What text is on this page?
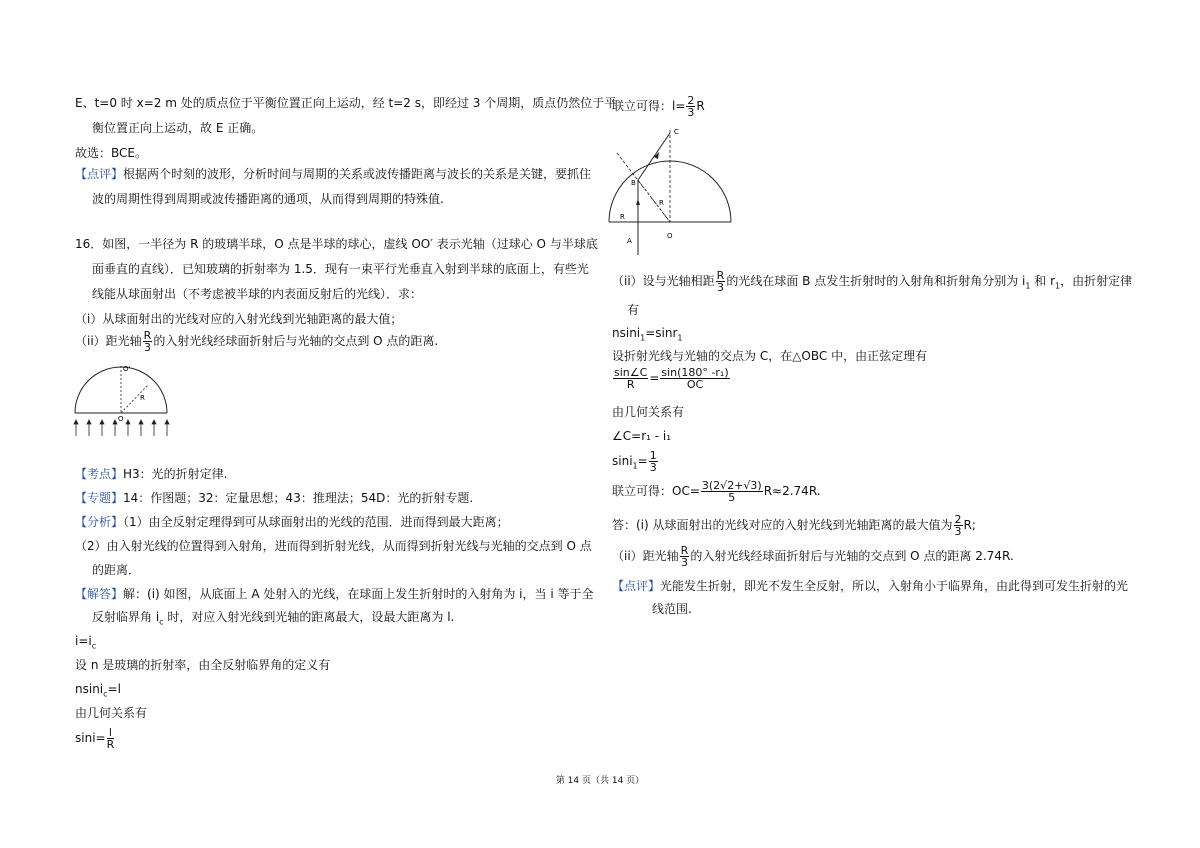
E、t=0 时 x=2 m 处的质点位于平衡位置正向上运动，经 t=2 s，即经过 3 个周期，质点仍然位于平
衡位置正向上运动，故 E 正确。
故选：BCE。
【点评】根据两个时刻的波形，分析时间与周期的关系或波传播距离与波长的关系是关键，要抓住
波的周期性得到周期或波传播距离的通项，从而得到周期的特殊值.
16．如图，一半径为 R 的玻璃半球，O 点是半球的球心，虚线 OO′ 表示光轴（过球心 O 与半球底
面垂直的直线）．已知玻璃的折射率为 1.5．现有一束平行光垂直入射到半球的底面上，有些光
线能从球面射出（不考虑被半球的内表面反射后的光线）．求：
（i）从球面射出的光线对应的入射光线到光轴距离的最大值；
（ii）距光轴 $\frac{R}{3}$ 的入射光线经球面折射后与光轴的交点到 O 点的距离.
O'
R
O
【考点】H3：光的折射定律.
【专题】14：作图题；32：定量思想；43：推理法；54D：光的折射专题.
【分析】（1）由全反射定理得到可从球面射出的光线的范围．进而得到最大距离；
（2）由入射光线的位置得到入射角，进而得到折射光线，从而得到折射光线与光轴的交点到 O 点
的距离．
【解答】解：(i) 如图，从底面上 A 处射入的光线，在球面上发生折射时的入射角为 i，当 i 等于全
反射临界角 $i_c$ 时，对应入射光线到光轴的距离最大，设最大距离为 l.
$i=i_c$
设 n 是玻璃的折射率，由全反射临界角的定义有
nsini$_c$=l
由几何关系有
$\sin i= \frac{l}{R}$
联立可得：$l= \frac{2}{3}$ R
C
B
R
R
A
O
（ii）设与光轴相距 $\frac{R}{3}$ 的光线在球面 B 点发生折射时的入射角和折射角分别为 $i_1$ 和 $r_1$，由折射定律
有
nsini$_1$=sinr$_1$
设折射光线与光轴的交点为 C，在△OBC 中，由正弦定理有
$\frac{\sin\angle C}{R} = \frac{\text{sin(180° -r₁)}}{OC}$
由几何关系有
∠C=r₁ - i₁
$\sin i_1= \frac{1}{3}$
联立可得：$OC= \frac{3(2√2+√3)}{5} R\approx 2.74R$.
答：(i) 从球面射出的光线对应的入射光线到光轴距离的最大值为 $\frac{2}{3} R$;
（ii）距光轴 $\frac{R}{3}$ 的入射光线经球面折射后与光轴的交点到 O 点的距离 2.74R.
【点评】光能发生折射，即光不发生全反射，所以，入射角小于临界角，由此得到可发生折射的光
线范围.
第 14 页（共 14 页）
